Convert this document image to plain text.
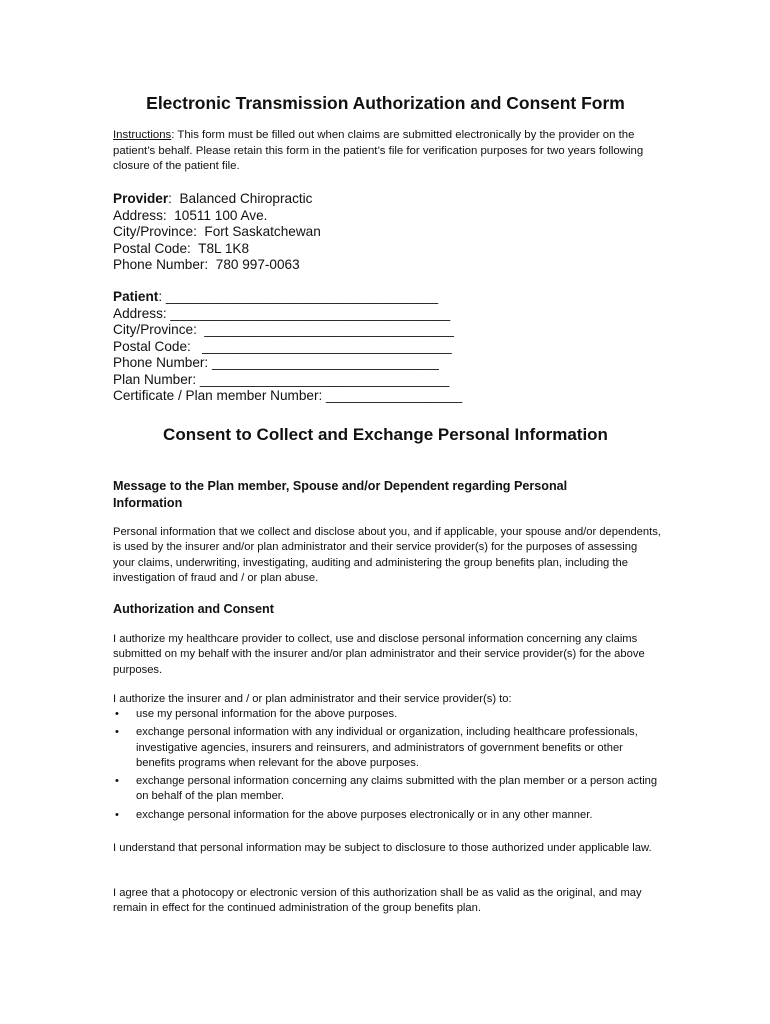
Electronic Transmission Authorization and Consent Form

Instructions: This form must be filled out when claims are submitted electronically by the provider on the patient’s behalf. Please retain this form in the patient’s file for verification purposes for two years following closure of the patient file.

Provider:  Balanced Chiropractic
Address:  10511 100 Ave.
City/Province:  Fort Saskatchewan
Postal Code:  T8L 1K8
Phone Number:  780 997-0063
Patient: ____________________________________
Address: _____________________________________
City/Province:  _________________________________
Postal Code:   _________________________________
Phone Number: ______________________________
Plan Number: _________________________________
Certificate / Plan member Number: __________________
Consent to Collect and Exchange Personal Information
Message to the Plan member, Spouse and/or Dependent regarding Personal Information

Personal information that we collect and disclose about you, and if applicable, your spouse and/or dependents, is used by the insurer and/or plan administrator and their service provider(s) for the purposes of assessing your claims, underwriting, investigating, auditing and administering the group benefits plan, including the investigation of fraud and / or plan abuse.

Authorization and Consent

I authorize my healthcare provider to collect, use and disclose personal information concerning any claims submitted on my behalf with the insurer and/or plan administrator and their service provider(s) for the above purposes.

I authorize the insurer and / or plan administrator and their service provider(s) to:

• use my personal information for the above purposes.
• exchange personal information with any individual or organization, including healthcare professionals, investigative agencies, insurers and reinsurers, and administrators of government benefits or other benefits programs when relevant for the above purposes.
• exchange personal information concerning any claims submitted with the plan member or a person acting on behalf of the plan member.
• exchange personal information for the above purposes electronically or in any other manner.

I understand that personal information may be subject to disclosure to those authorized under applicable law.

I agree that a photocopy or electronic version of this authorization shall be as valid as the original, and may remain in effect for the continued administration of the group benefits plan.
